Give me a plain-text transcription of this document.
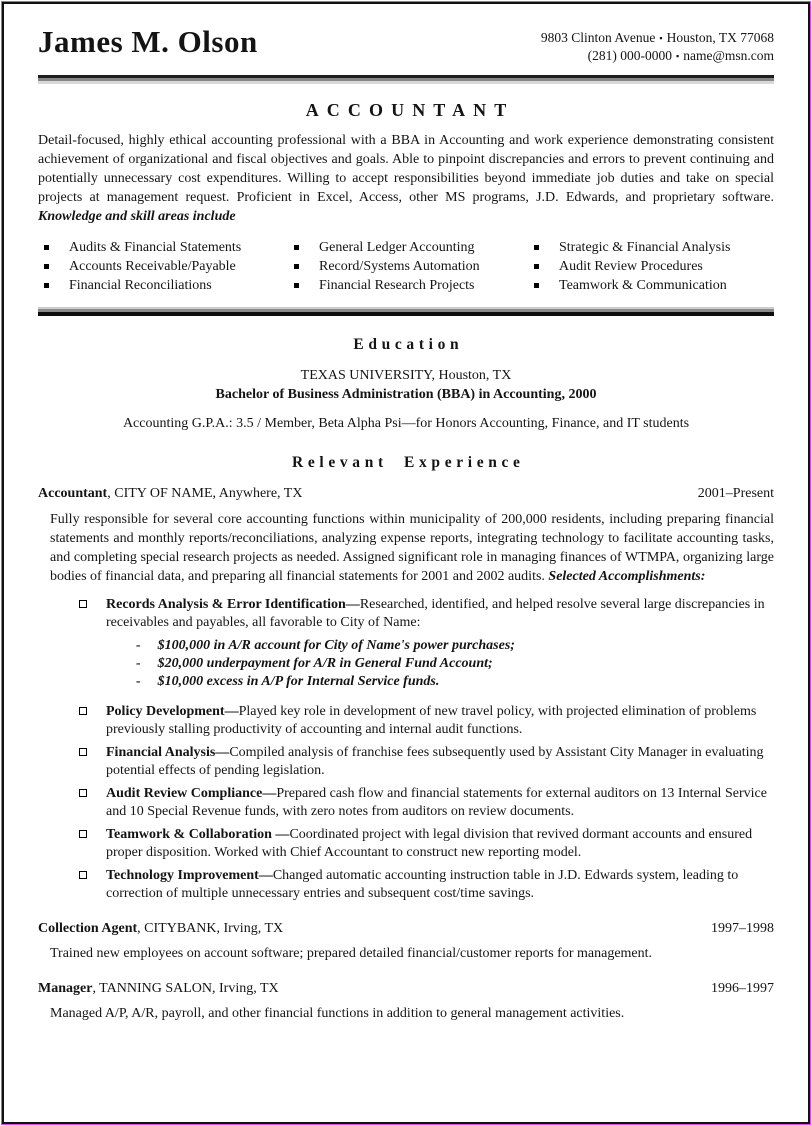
James M. Olson	9803 Clinton Avenue ▪ Houston, TX 77068
(281) 000-0000 ▪ name@msn.com
ACCOUNTANT

Detail-focused, highly ethical accounting professional with a BBA in Accounting and work experience demonstrating consistent achievement of organizational and fiscal objectives and goals. Able to pinpoint discrepancies and errors to prevent continuing and potentially unnecessary cost expenditures. Willing to accept responsibilities beyond immediate job duties and take on special projects at management request. Proficient in Excel, Access, other MS programs, J.D. Edwards, and proprietary software. Knowledge and skill areas include

Audits & Financial Statements
Accounts Receivable/Payable
Financial Reconciliations
General Ledger Accounting
Record/Systems Automation
Financial Research Projects
Strategic & Financial Analysis
Audit Review Procedures
Teamwork & Communication
Education
TEXAS UNIVERSITY, Houston, TX
Bachelor of Business Administration (BBA) in Accounting, 2000
Accounting G.P.A.: 3.5 / Member, Beta Alpha Psi—for Honors Accounting, Finance, and IT students
Relevant Experience
Accountant, CITY OF NAME, Anywhere, TX	2001–Present

Fully responsible for several core accounting functions within municipality of 200,000 residents, including preparing financial statements and monthly reports/reconciliations, analyzing expense reports, integrating technology to facilitate accounting tasks, and completing special research projects as needed. Assigned significant role in managing finances of WTMPA, organizing large bodies of financial data, and preparing all financial statements for 2001 and 2002 audits. Selected Accomplishments:

Records Analysis & Error Identification—Researched, identified, and helped resolve several large discrepancies in receivables and payables, all favorable to City of Name:
- $100,000 in A/R account for City of Name's power purchases;
- $20,000 underpayment for A/R in General Fund Account;
- $10,000 excess in A/P for Internal Service funds.
Policy Development—Played key role in development of new travel policy, with projected elimination of problems previously stalling productivity of accounting and internal audit functions.
Financial Analysis—Compiled analysis of franchise fees subsequently used by Assistant City Manager in evaluating potential effects of pending legislation.
Audit Review Compliance—Prepared cash flow and financial statements for external auditors on 13 Internal Service and 10 Special Revenue funds, with zero notes from auditors on review documents.
Teamwork & Collaboration —Coordinated project with legal division that revived dormant accounts and ensured proper disposition. Worked with Chief Accountant to construct new reporting model.
Technology Improvement—Changed automatic accounting instruction table in J.D. Edwards system, leading to correction of multiple unnecessary entries and subsequent cost/time savings.
Collection Agent, CITYBANK, Irving, TX	1997–1998

Trained new employees on account software; prepared detailed financial/customer reports for management.

Manager, TANNING SALON, Irving, TX	1996–1997

Managed A/P, A/R, payroll, and other financial functions in addition to general management activities.
